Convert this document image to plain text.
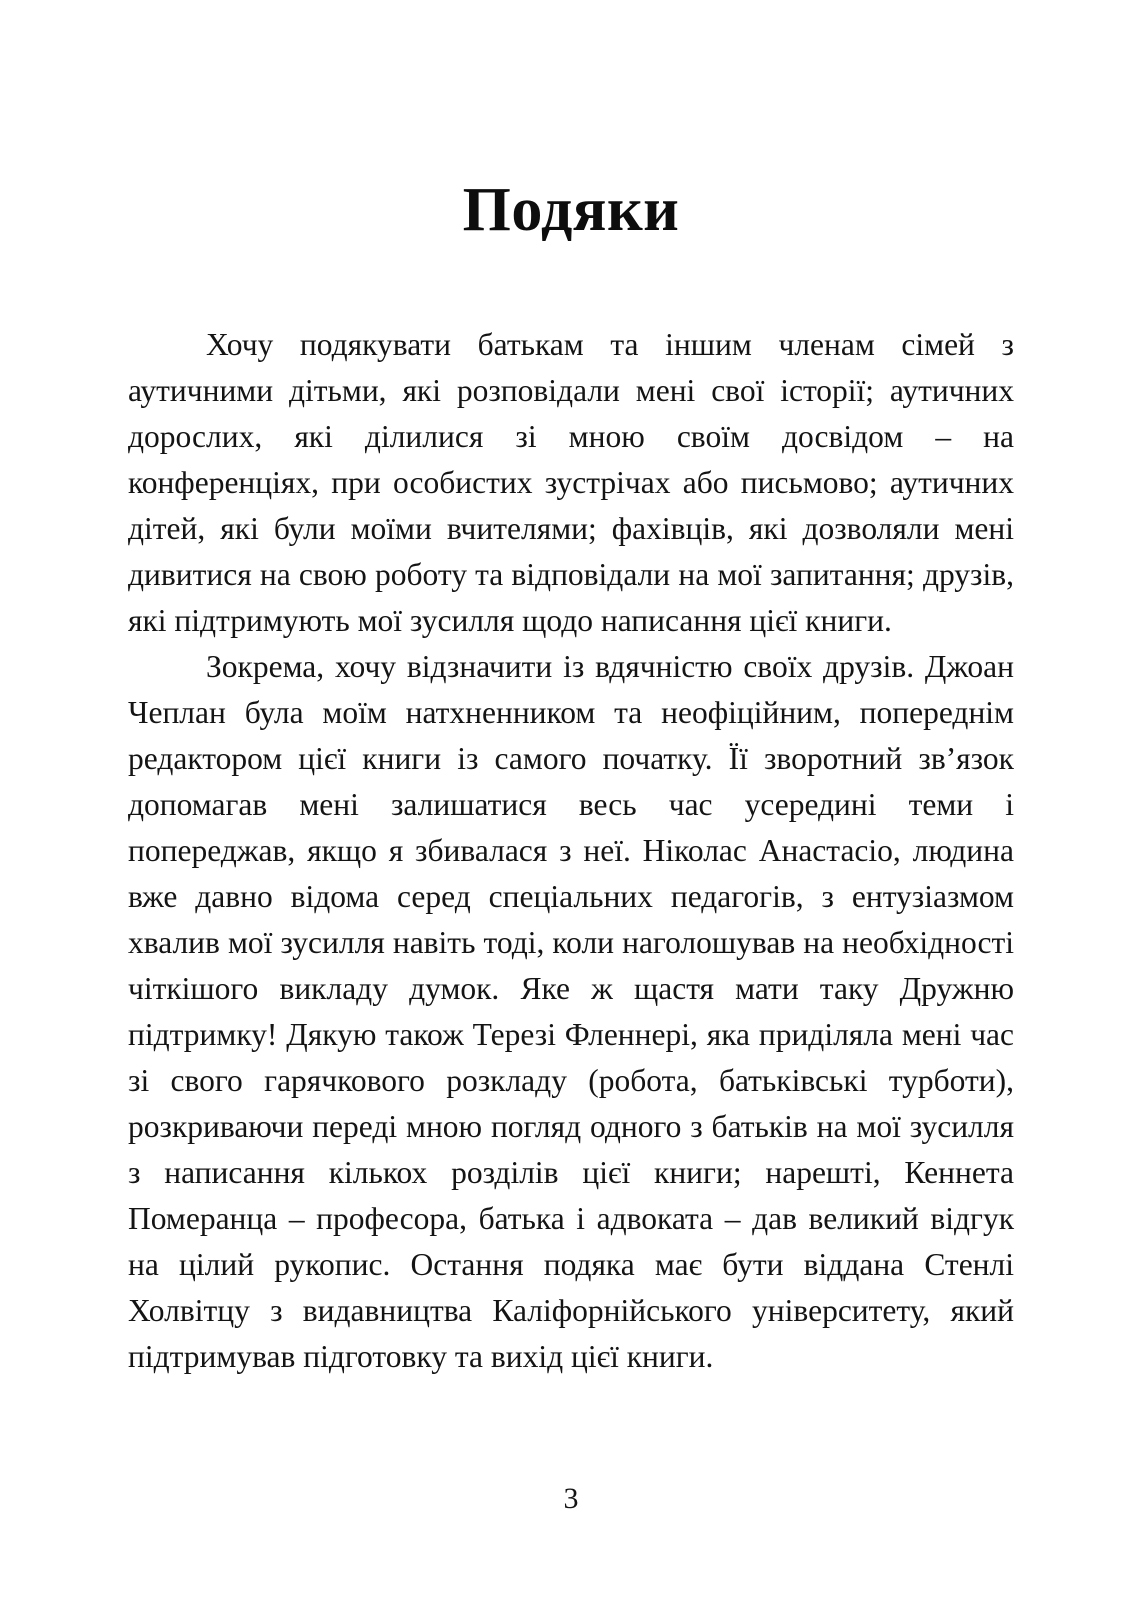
Подяки

Хочу подякувати батькам та іншим членам сімей з аутичними дітьми, які розповідали мені свої історії; аутичних дорослих, які ділилися зі мною своїм досвідом – на конференціях, при особистих зустрічах або письмово; аутичних дітей, які були моїми вчителями; фахівців, які дозволяли мені дивитися на свою роботу та відповідали на мої запитання; друзів, які підтримують мої зусилля щодо написання цієї книги.

Зокрема, хочу відзначити із вдячністю своїх друзів. Джоан Чеплан була моїм натхненником та неофіційним, попереднім редактором цієї книги із самого початку. Її зворотний зв’язок допомагав мені залишатися весь час усередині теми і попереджав, якщо я збивалася з неї. Ніколас Анастасіо, людина вже давно відома серед спеціальних педагогів, з ентузіазмом хвалив мої зусилля навіть тоді, коли наголошував на необхідності чіткішого викладу думок. Яке ж щастя мати таку Дружню підтримку! Дякую також Терезі Фленнері, яка приділяла мені час зі свого гарячкового розкладу (робота, батьківські турботи), розкриваючи переді мною погляд одного з батьків на мої зусилля з написання кількох розділів цієї книги; нарешті, Кеннета Померанца – професора, батька і адвоката – дав великий відгук на цілий рукопис. Остання подяка має бути віддана Стенлі Холвітцу з видавництва Каліфорнійського університету, який підтримував підготовку та вихід цієї книги.

3
